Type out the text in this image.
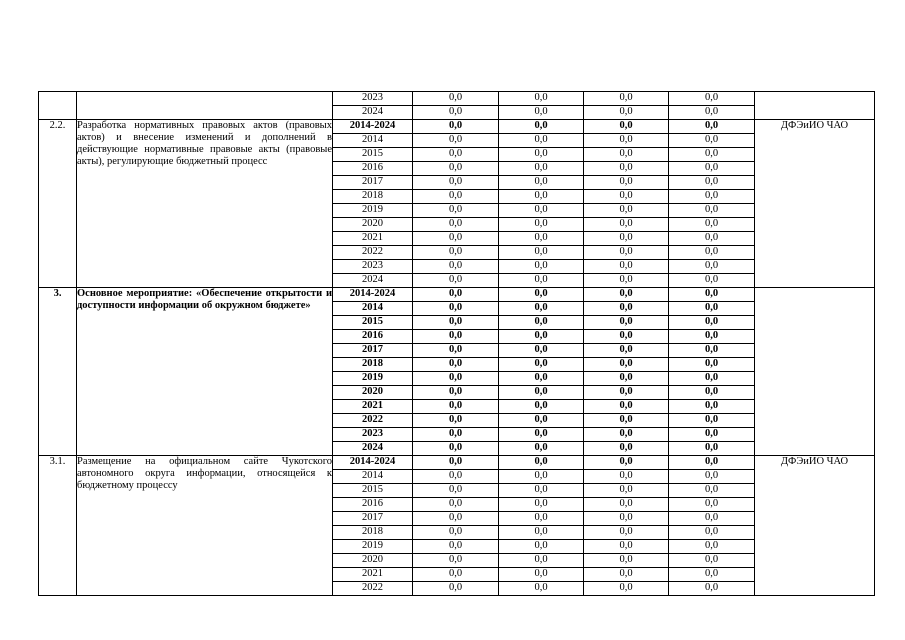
		2023	0,0	0,0	0,0	0,0	
		2024	0,0	0,0	0,0	0,0	
2.2.	Разработка нормативных правовых актов (правовых актов) и внесение изменений и дополнений в действующие нормативные правовые акты (правовые акты), регулирующие бюджетный процесс	2014-2024	0,0	0,0	0,0	0,0	ДФЭиИО ЧАО
		2014	0,0	0,0	0,0	0,0	
		2015	0,0	0,0	0,0	0,0	
		2016	0,0	0,0	0,0	0,0	
		2017	0,0	0,0	0,0	0,0	
		2018	0,0	0,0	0,0	0,0	
		2019	0,0	0,0	0,0	0,0	
		2020	0,0	0,0	0,0	0,0	
		2021	0,0	0,0	0,0	0,0	
		2022	0,0	0,0	0,0	0,0	
		2023	0,0	0,0	0,0	0,0	
		2024	0,0	0,0	0,0	0,0	
3.	Основное мероприятие: «Обеспечение открытости и доступности информации об окружном бюджете»	2014-2024	0,0	0,0	0,0	0,0	
		2014	0,0	0,0	0,0	0,0	
		2015	0,0	0,0	0,0	0,0	
		2016	0,0	0,0	0,0	0,0	
		2017	0,0	0,0	0,0	0,0	
		2018	0,0	0,0	0,0	0,0	
		2019	0,0	0,0	0,0	0,0	
		2020	0,0	0,0	0,0	0,0	
		2021	0,0	0,0	0,0	0,0	
		2022	0,0	0,0	0,0	0,0	
		2023	0,0	0,0	0,0	0,0	
		2024	0,0	0,0	0,0	0,0	
3.1.	Размещение на официальном сайте Чукотского автономного округа информации, относящейся к бюджетному процессу	2014-2024	0,0	0,0	0,0	0,0	ДФЭиИО ЧАО
		2014	0,0	0,0	0,0	0,0	
		2015	0,0	0,0	0,0	0,0	
		2016	0,0	0,0	0,0	0,0	
		2017	0,0	0,0	0,0	0,0	
		2018	0,0	0,0	0,0	0,0	
		2019	0,0	0,0	0,0	0,0	
		2020	0,0	0,0	0,0	0,0	
		2021	0,0	0,0	0,0	0,0	
		2022	0,0	0,0	0,0	0,0	
